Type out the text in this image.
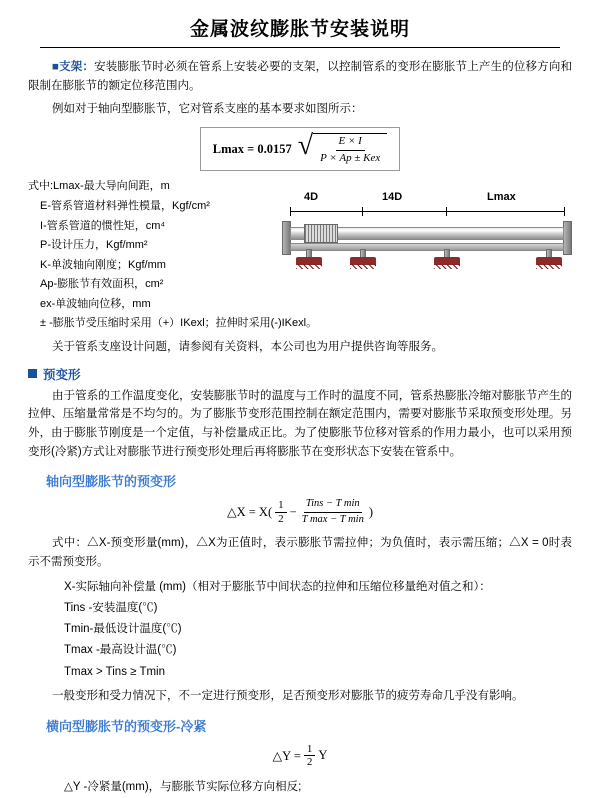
金属波纹膨胀节安装说明

■支架：安装膨胀节时必须在管系上安装必要的支架，以控制管系的变形在膨胀节上产生的位移方向和限制在膨胀节的额定位移范围内。

例如对于轴向型膨胀节，它对管系支座的基本要求如图所示：

Lmax = 0.0157 √ $\frac{E \times I}{\text{P × Ap ± Kex}}$
式中:Lmax-最大导向间距，m
E-管系管道材料弹性模量，Kgf/cm²
I-管系管道的惯性矩，cm⁴
P-设计压力，Kgf/mm²
K-单波轴向刚度；Kgf/mm
Ap-膨胀节有效面积，cm²
ex-单波轴向位移，mm
± -膨胀节受压缩时采用（+）IKexl；拉伸时采用(-)IKexl。
4D	14D	Lmax

关于管系支座设计问题，请参阅有关资料，本公司也为用户提供咨询等服务。

预变形

由于管系的工作温度变化，安装膨胀节时的温度与工作时的温度不同，管系热膨胀冷缩对膨胀节产生的拉伸、压缩量常常是不均匀的。为了膨胀节变形范围控制在额定范围内，需要对膨胀节采取预变形处理。另外，由于膨胀节刚度是一个定值，与补偿量成正比。为了使膨胀节位移对管系的作用力最小，也可以采用预变形(冷紧)方式让对膨胀节进行预变形处理后再将膨胀节在变形状态下安装在管系中。

轴向型膨胀节的预变形
△X = $X( \frac{1}{2} - \frac{\text{Tins − T min}}{\text{T max − T min}}$ )

式中：△X-预变形量(mm)，△X为正值时，表示膨胀节需拉伸；为负值时，表示需压缩；△X = 0时表示不需预变形。

X-实际轴向补偿量 (mm)（相对于膨胀节中间状态的拉伸和压缩位移量绝对值之和）：
Tins -安装温度(℃)
Tmin-最低设计温度(℃)
Tmax -最高设计温(℃)
Tmax > Tins ≥ Tmin

一般变形和受力情况下，不一定进行预变形，足否预变形对膨胀节的疲劳寿命几乎没有影响。

横向型膨胀节的预变形-冷紧
△Y = $\frac{1}{2}$ Y
△Y -冷紧量(mm)，与膨胀节实际位移方向相反;
